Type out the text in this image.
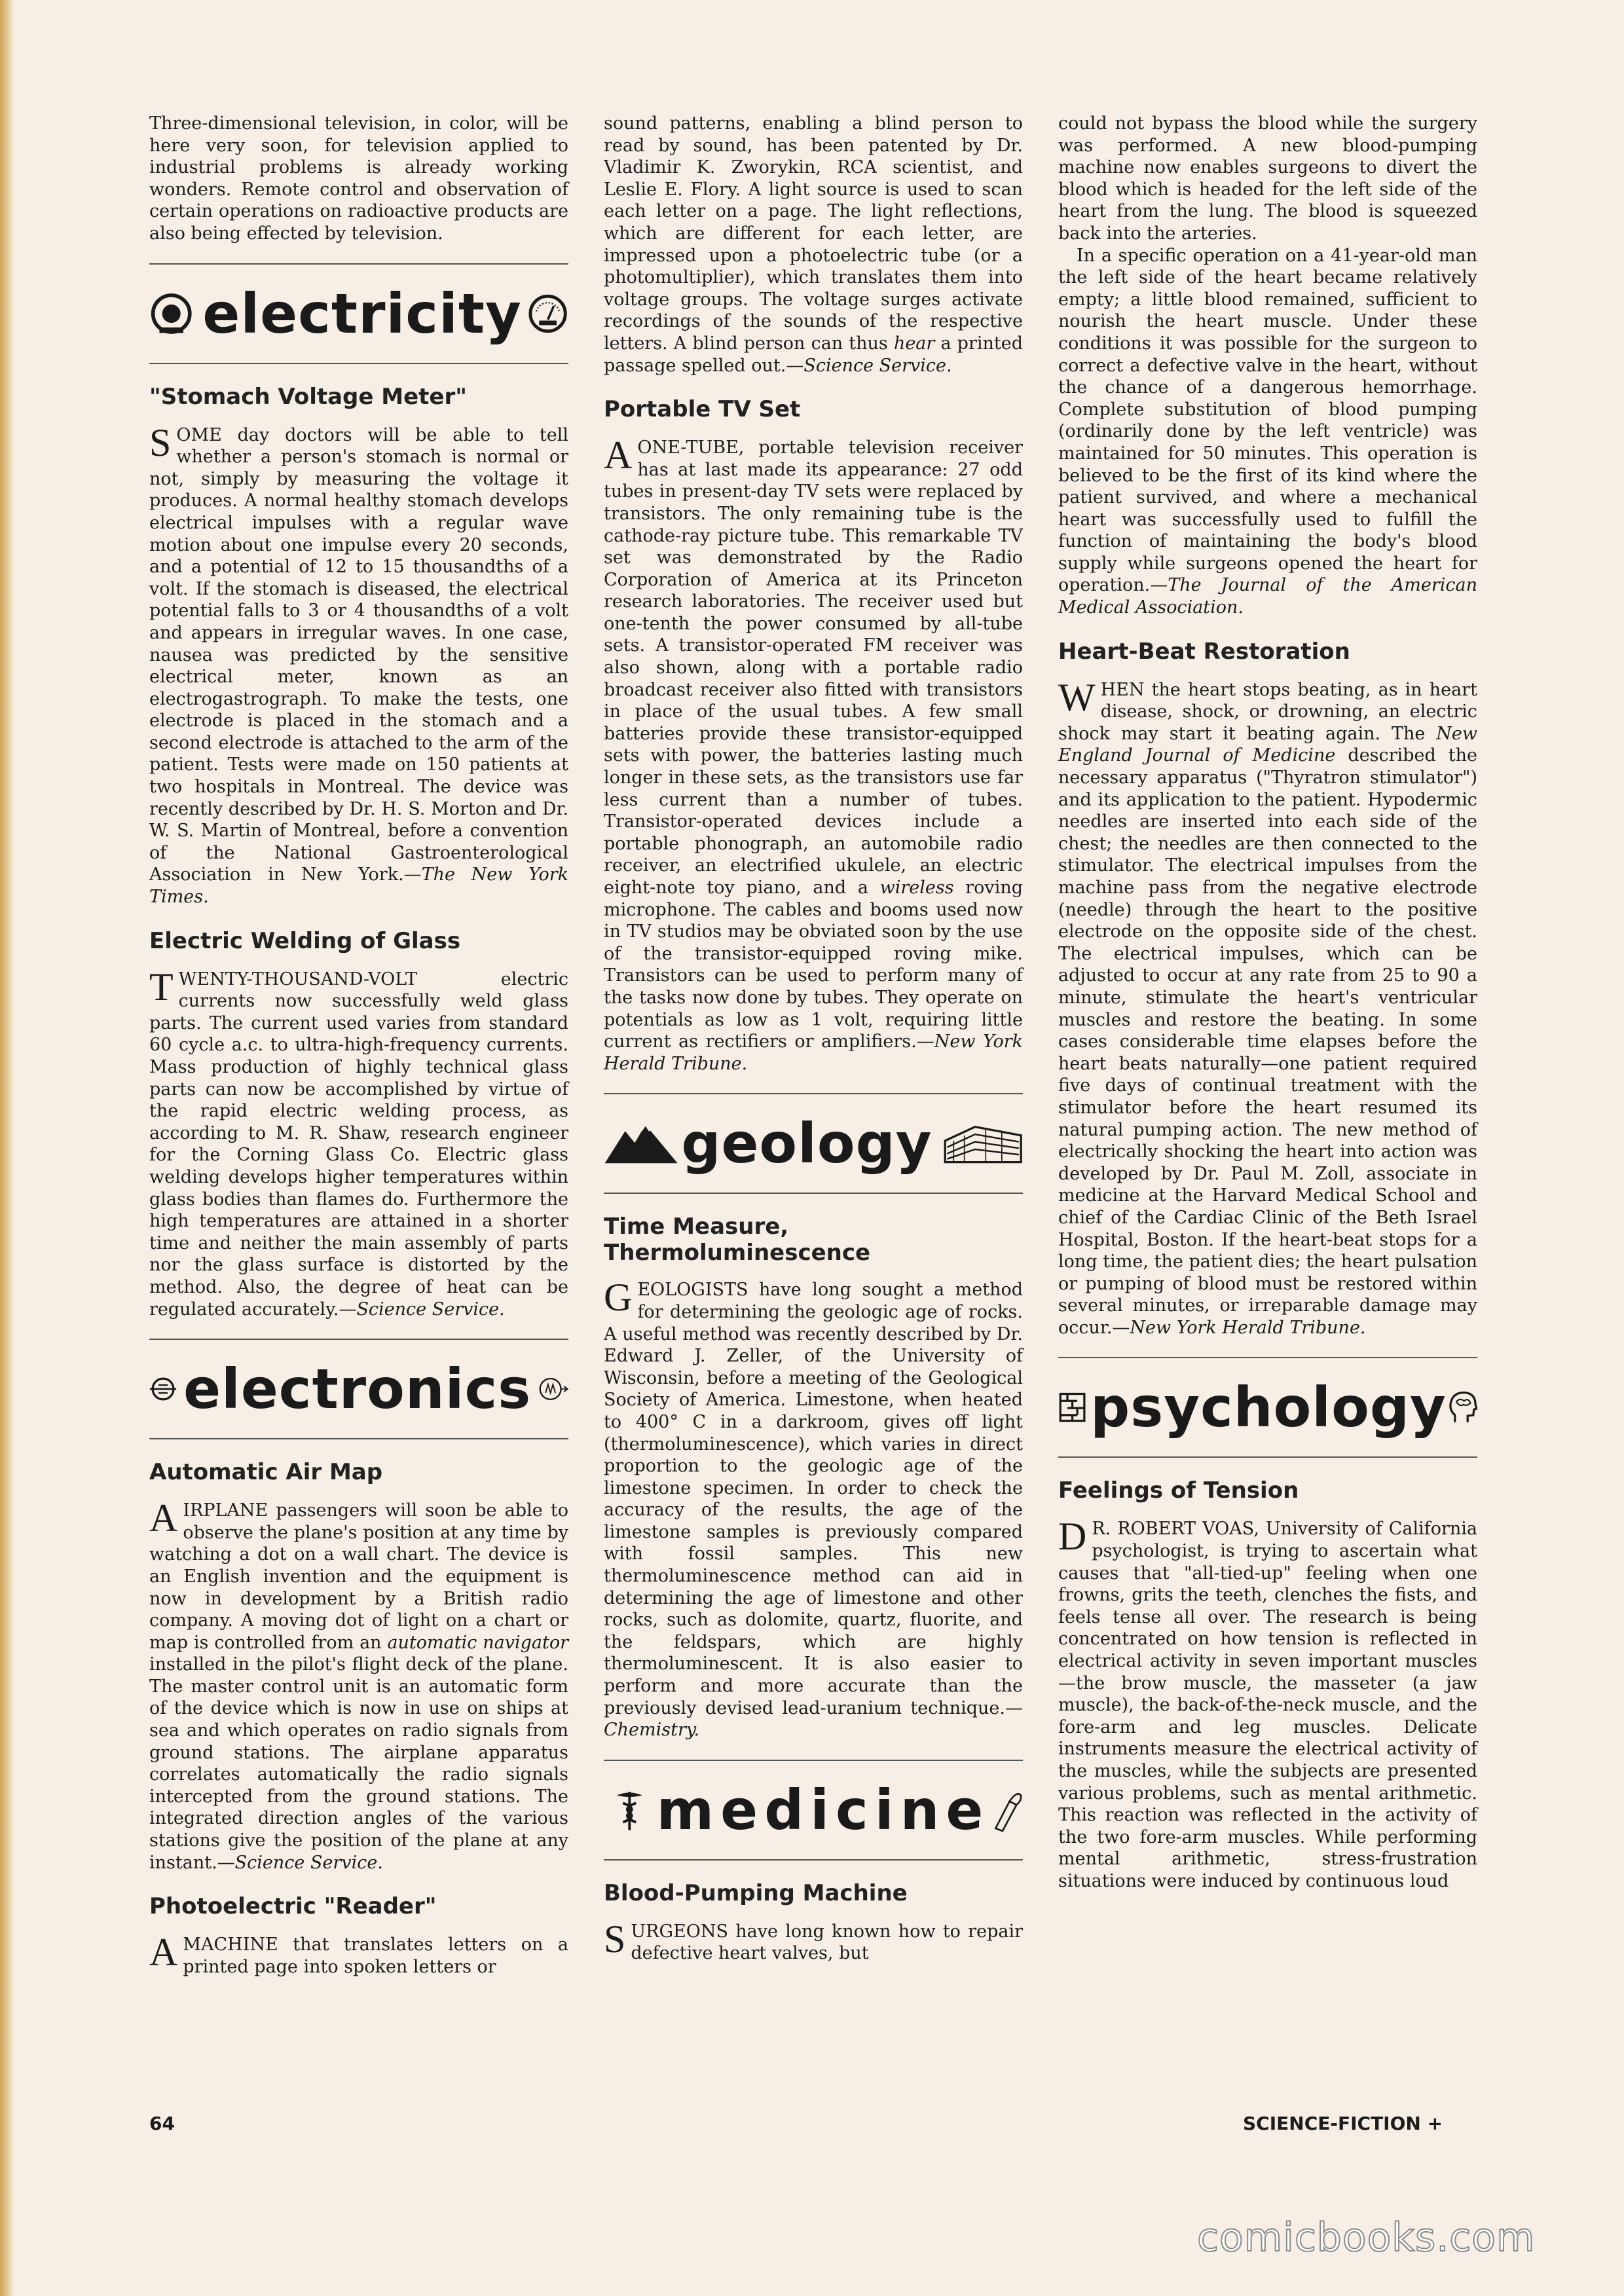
Three-dimensional television, in color, will be here very soon, for television applied to industrial problems is already working wonders. Remote control and observation of certain operations on radioactive products are also being effected by television.

electricity
"Stomach Voltage Meter"

SOME day doctors will be able to tell whether a person's stomach is normal or not, simply by measuring the voltage it produces. A normal healthy stomach develops electrical impulses with a regular wave motion about one impulse every 20 seconds, and a potential of 12 to 15 thousandths of a volt. If the stomach is diseased, the electrical potential falls to 3 or 4 thousandths of a volt and appears in irregular waves. In one case, nausea was predicted by the sensitive electrical meter, known as an electrogastrograph. To make the tests, one electrode is placed in the stomach and a second electrode is attached to the arm of the patient. Tests were made on 150 patients at two hospitals in Montreal. The device was recently described by Dr. H. S. Morton and Dr. W. S. Martin of Montreal, before a convention of the National Gastroenterological Association in New York.—The New York Times.

Electric Welding of Glass

TWENTY-THOUSAND-VOLT electric currents now successfully weld glass parts. The current used varies from standard 60 cycle a.c. to ultra-high-frequency currents. Mass production of highly technical glass parts can now be accomplished by virtue of the rapid electric welding process, as according to M. R. Shaw, research engineer for the Corning Glass Co. Electric glass welding develops higher temperatures within glass bodies than flames do. Furthermore the high temperatures are attained in a shorter time and neither the main assembly of parts nor the glass surface is distorted by the method. Also, the degree of heat can be regulated accurately.—Science Service.

electronics
Automatic Air Map

AIRPLANE passengers will soon be able to observe the plane's position at any time by watching a dot on a wall chart. The device is an English invention and the equipment is now in development by a British radio company. A moving dot of light on a chart or map is controlled from an automatic navigator installed in the pilot's flight deck of the plane. The master control unit is an automatic form of the device which is now in use on ships at sea and which operates on radio signals from ground stations. The airplane apparatus correlates automatically the radio signals intercepted from the ground stations. The integrated direction angles of the various stations give the position of the plane at any instant.—Science Service.

Photoelectric "Reader"

AMACHINE that translates letters on a printed page into spoken letters or

sound patterns, enabling a blind person to read by sound, has been patented by Dr. Vladimir K. Zworykin, RCA scientist, and Leslie E. Flory. A light source is used to scan each letter on a page. The light reflections, which are different for each letter, are impressed upon a photoelectric tube (or a photomultiplier), which translates them into voltage groups. The voltage surges activate recordings of the sounds of the respective letters. A blind person can thus hear a printed passage spelled out.—Science Service.

Portable TV Set

A ONE-TUBE, portable television receiver has at last made its appearance: 27 odd tubes in present-day TV sets were replaced by transistors. The only remaining tube is the cathode-ray picture tube. This remarkable TV set was demonstrated by the Radio Corporation of America at its Princeton research laboratories. The receiver used but one-tenth the power consumed by all-tube sets. A transistor-operated FM receiver was also shown, along with a portable radio broadcast receiver also fitted with transistors in place of the usual tubes. A few small batteries provide these transistor-equipped sets with power, the batteries lasting much longer in these sets, as the transistors use far less current than a number of tubes. Transistor-operated devices include a portable phonograph, an automobile radio receiver, an electrified ukulele, an electric eight-note toy piano, and a wireless roving microphone. The cables and booms used now in TV studios may be obviated soon by the use of the transistor-equipped roving mike. Transistors can be used to perform many of the tasks now done by tubes. They operate on potentials as low as 1 volt, requiring little current as rectifiers or amplifiers.—New York Herald Tribune.

geology
Time Measure,
Thermoluminescence

GEOLOGISTS have long sought a method for determining the geologic age of rocks. A useful method was recently described by Dr. Edward J. Zeller, of the University of Wisconsin, before a meeting of the Geological Society of America. Limestone, when heated to 400° C in a darkroom, gives off light (thermoluminescence), which varies in direct proportion to the geologic age of the limestone specimen. In order to check the accuracy of the results, the age of the limestone samples is previously compared with fossil samples. This new thermoluminescence method can aid in determining the age of limestone and other rocks, such as dolomite, quartz, fluorite, and the feldspars, which are highly thermoluminescent. It is also easier to perform and more accurate than the previously devised lead-uranium technique.—Chemistry.

medicine
Blood-Pumping Machine

SURGEONS have long known how to repair defective heart valves, but

could not bypass the blood while the surgery was performed. A new blood-pumping machine now enables surgeons to divert the blood which is headed for the left side of the heart from the lung. The blood is squeezed back into the arteries.

In a specific operation on a 41-year-old man the left side of the heart became relatively empty; a little blood remained, sufficient to nourish the heart muscle. Under these conditions it was possible for the surgeon to correct a defective valve in the heart, without the chance of a dangerous hemorrhage. Complete substitution of blood pumping (ordinarily done by the left ventricle) was maintained for 50 minutes. This operation is believed to be the first of its kind where the patient survived, and where a mechanical heart was successfully used to fulfill the function of maintaining the body's blood supply while surgeons opened the heart for operation.—The Journal of the American Medical Association.

Heart-Beat Restoration

WHEN the heart stops beating, as in heart disease, shock, or drowning, an electric shock may start it beating again. The New England Journal of Medicine described the necessary apparatus ("Thyratron stimulator") and its application to the patient. Hypodermic needles are inserted into each side of the chest; the needles are then connected to the stimulator. The electrical impulses from the machine pass from the negative electrode (needle) through the heart to the positive electrode on the opposite side of the chest. The electrical impulses, which can be adjusted to occur at any rate from 25 to 90 a minute, stimulate the heart's ventricular muscles and restore the beating. In some cases considerable time elapses before the heart beats naturally—one patient required five days of continual treatment with the stimulator before the heart resumed its natural pumping action. The new method of electrically shocking the heart into action was developed by Dr. Paul M. Zoll, associate in medicine at the Harvard Medical School and chief of the Cardiac Clinic of the Beth Israel Hospital, Boston. If the heart-beat stops for a long time, the patient dies; the heart pulsation or pumping of blood must be restored within several minutes, or irreparable damage may occur.—New York Herald Tribune.

psychology
Feelings of Tension

D R. ROBERT VOAS, University of California psychologist, is trying to ascertain what causes that "all-tied-up" feeling when one frowns, grits the teeth, clenches the fists, and feels tense all over. The research is being concentrated on how tension is reflected in electrical activity in seven important muscles—the brow muscle, the masseter (a jaw muscle), the back-of-the-neck muscle, and the fore-arm and leg muscles. Delicate instruments measure the electrical activity of the muscles, while the subjects are presented various problems, such as mental arithmetic. This reaction was reflected in the activity of the two fore-arm muscles. While performing mental arithmetic, stress-frustration situations were induced by continuous loud

64	SCIENCE-FICTION +
comicbooks.com
